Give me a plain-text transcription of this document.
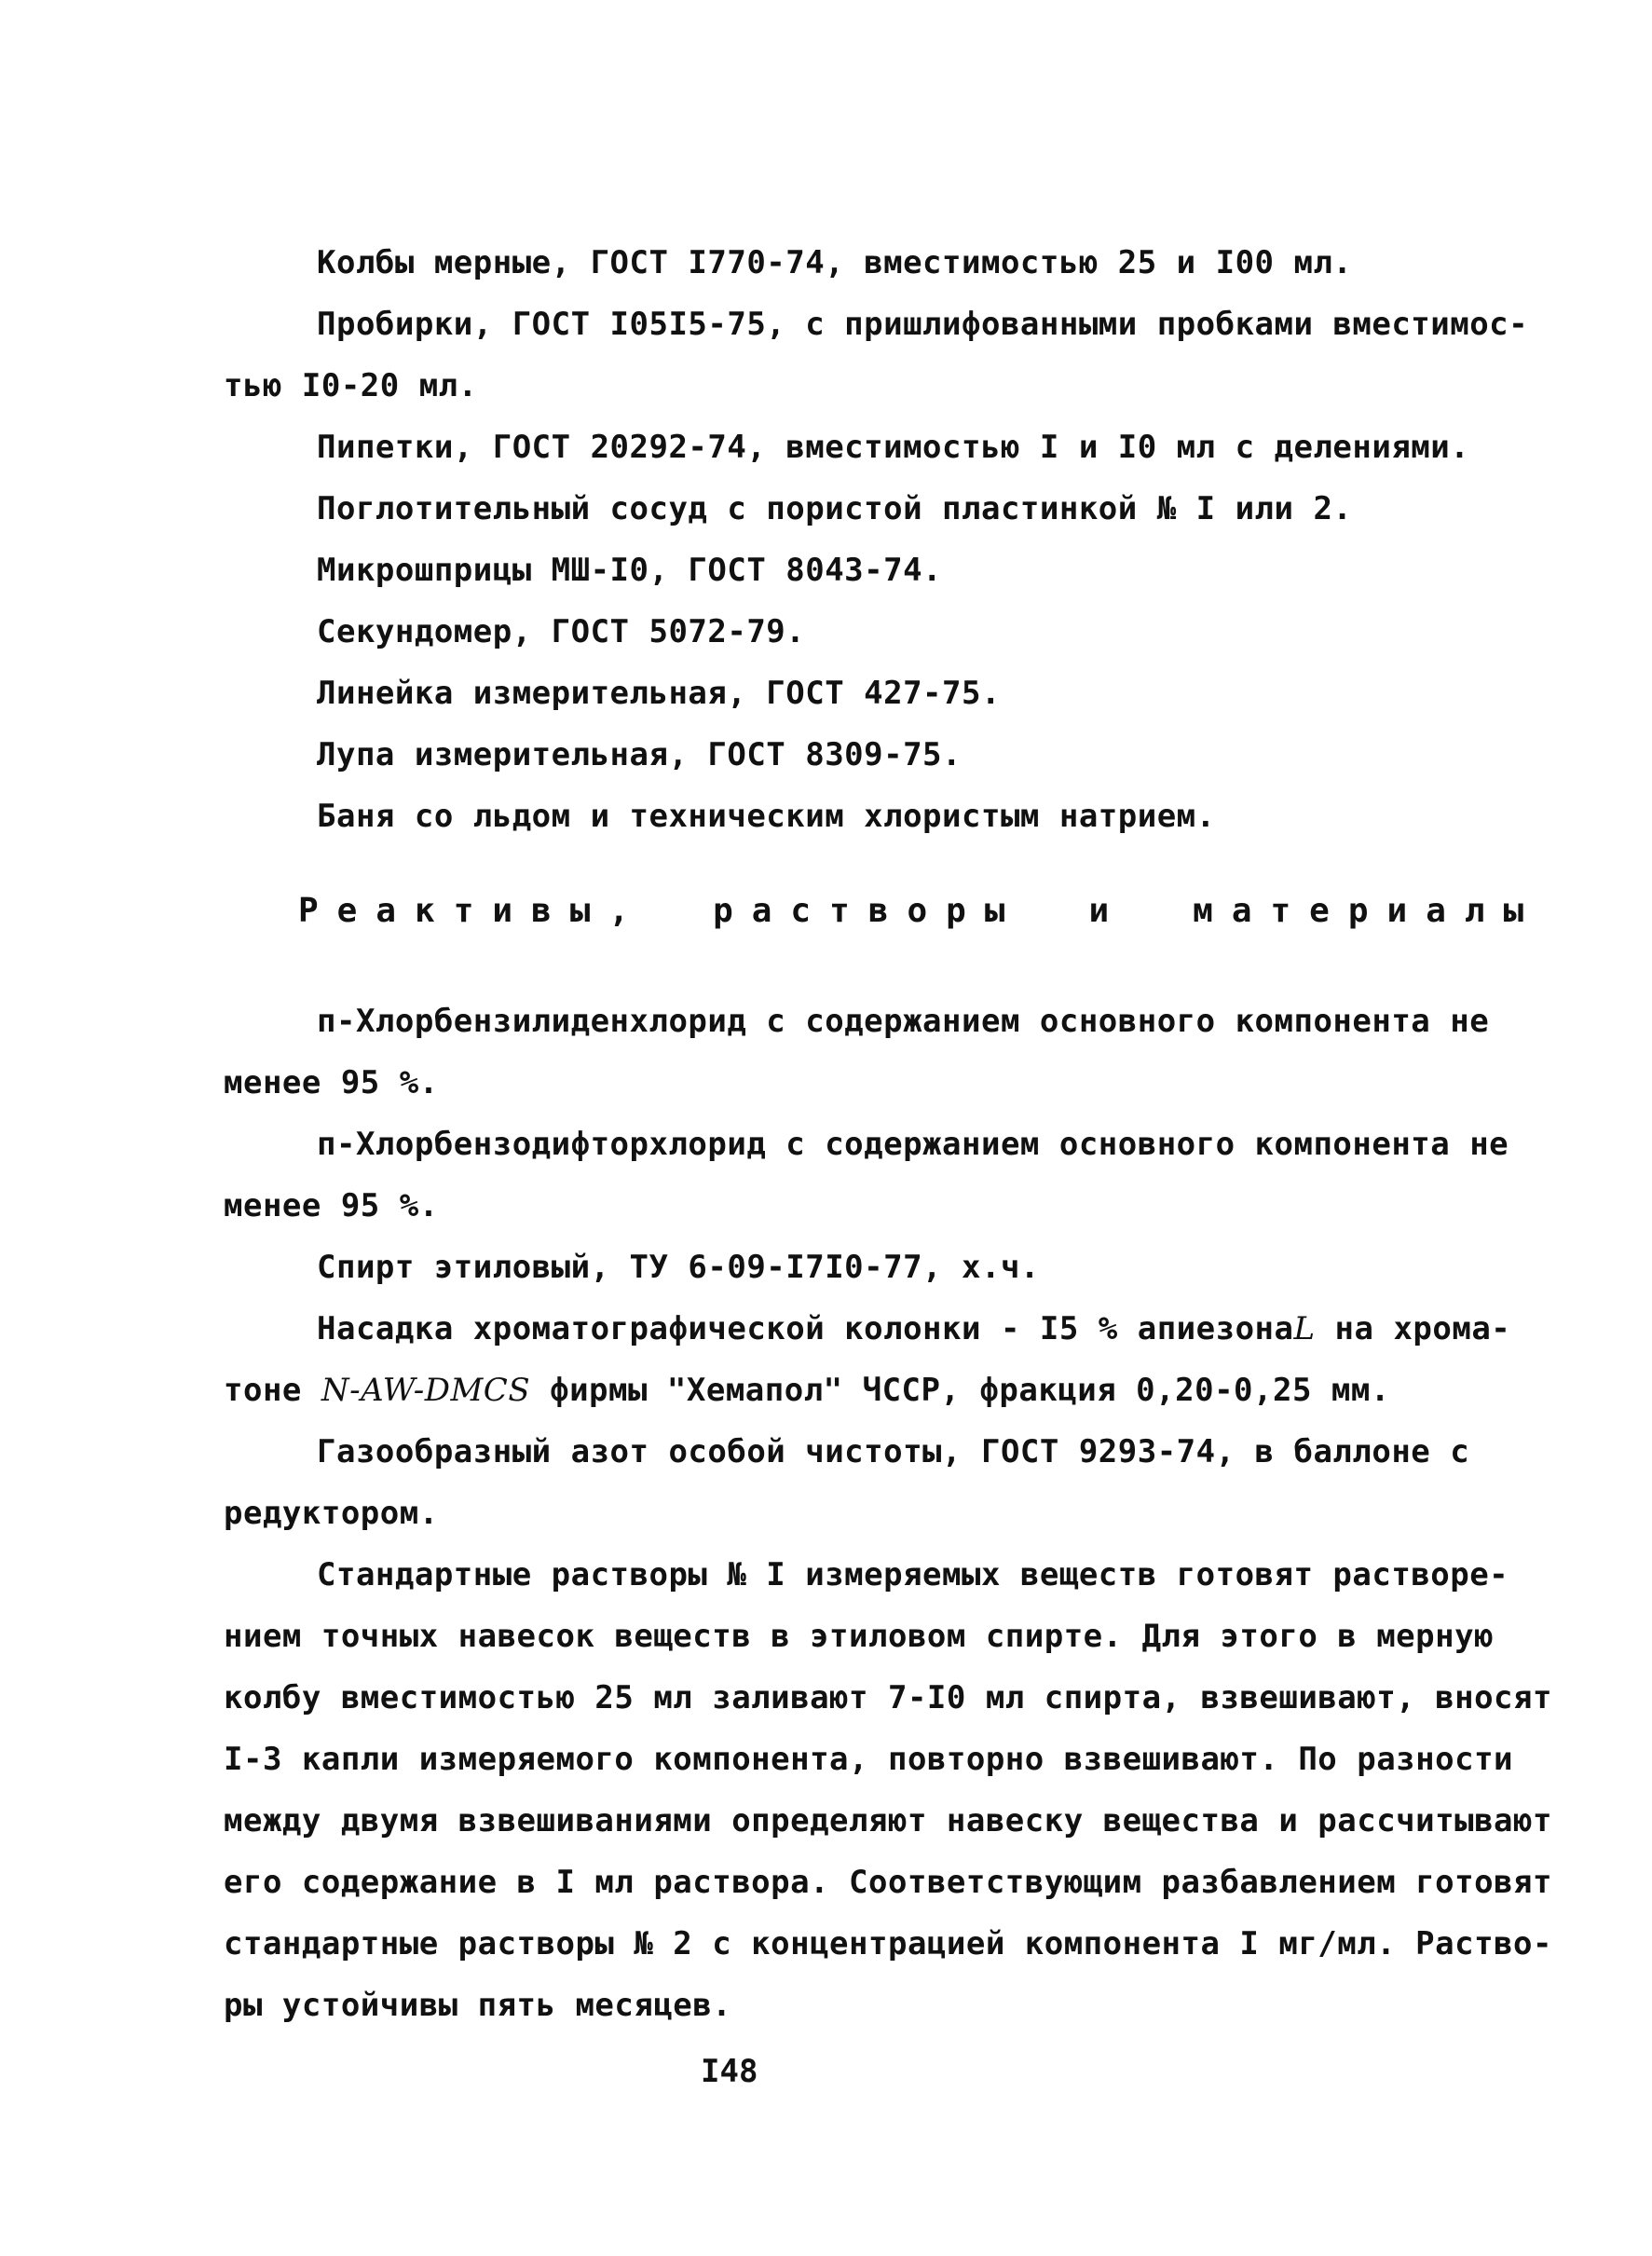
Колбы мерные, ГОСТ I770-74, вместимостью 25 и I00 мл.
Пробирки, ГОСТ I05I5-75, с пришлифованными пробками вместимос-
тью I0-20 мл.
Пипетки, ГОСТ 20292-74, вместимостью I и I0 мл с делениями.
Поглотительный сосуд с пористой пластинкой № I или 2.
Микрошприцы МШ-I0, ГОСТ 8043-74.
Секундомер, ГОСТ 5072-79.
Линейка измерительная, ГОСТ 427-75.
Лупа измерительная, ГОСТ 8309-75.
Баня со льдом и техническим хлористым натрием.
Реактивы, растворы и материалы
п-Хлорбензилиденхлорид с содержанием основного компонента не
менее 95 %.
п-Хлорбензодифторхлорид с содержанием основного компонента не
менее 95 %.
Спирт этиловый, ТУ 6-09-I7I0-77, х.ч.
Насадка хроматографической колонки - I5 % апиезонаL на хрома-
тоне N-AW-DMCS фирмы "Хемапол" ЧССР, фракция 0,20-0,25 мм.
Газообразный азот особой чистоты, ГОСТ 9293-74, в баллоне с
редуктором.
Стандартные растворы № I измеряемых веществ готовят растворе-
нием точных навесок веществ в этиловом спирте. Для этого в мерную
колбу вместимостью 25 мл заливают 7-I0 мл спирта, взвешивают, вносят
I-3 капли измеряемого компонента, повторно взвешивают. По разности
между двумя взвешиваниями определяют навеску вещества и рассчитывают
его содержание в I мл раствора. Соответствующим разбавлением готовят
стандартные растворы № 2 с концентрацией компонента I мг/мл. Раство-
ры устойчивы пять месяцев.
I48
